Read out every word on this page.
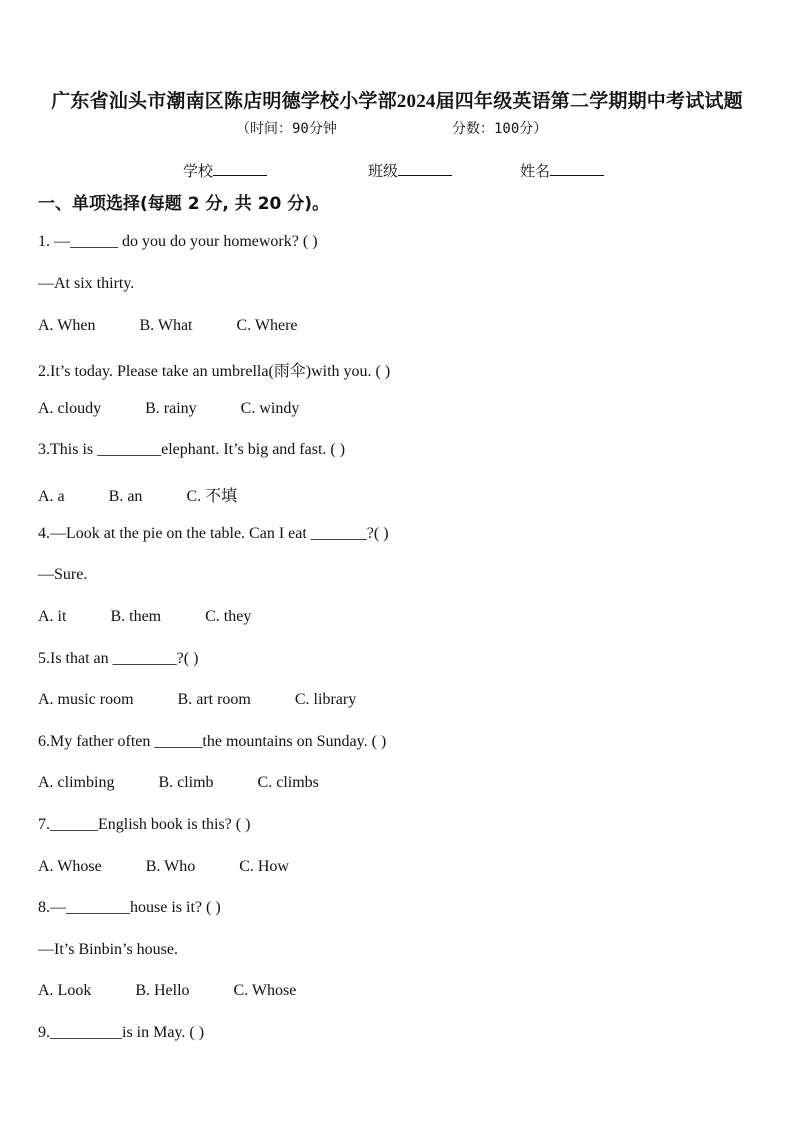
广东省汕头市潮南区陈店明德学校小学部2024届四年级英语第二学期期中考试试题
（时间：90分钟	分数：100分）
学校	班级	姓名
一、单项选择(每题 2 分, 共 20 分)。
1. —______ do you do your homework? ( )
—At six thirty.
A. When	B. What	C. Where
2.It’s today. Please take an umbrella(雨伞)with you. ( )
A. cloudy	B. rainy	C. windy
3.This is ________elephant. It’s big and fast. ( )
A. a	B. an	C. 不填
4.—Look at the pie on the table. Can I eat _______?( )
—Sure.
A. it	B. them	C. they
5.Is that an ________?( )
A. music room	B. art room	C. library
6.My father often ______the mountains on Sunday. ( )
A. climbing	B. climb	C. climbs
7.______English book is this? ( )
A. Whose	B. Who	C. How
8.—________house is it? ( )
—It’s Binbin’s house.
A. Look	B. Hello	C. Whose
9._________is in May. ( )
